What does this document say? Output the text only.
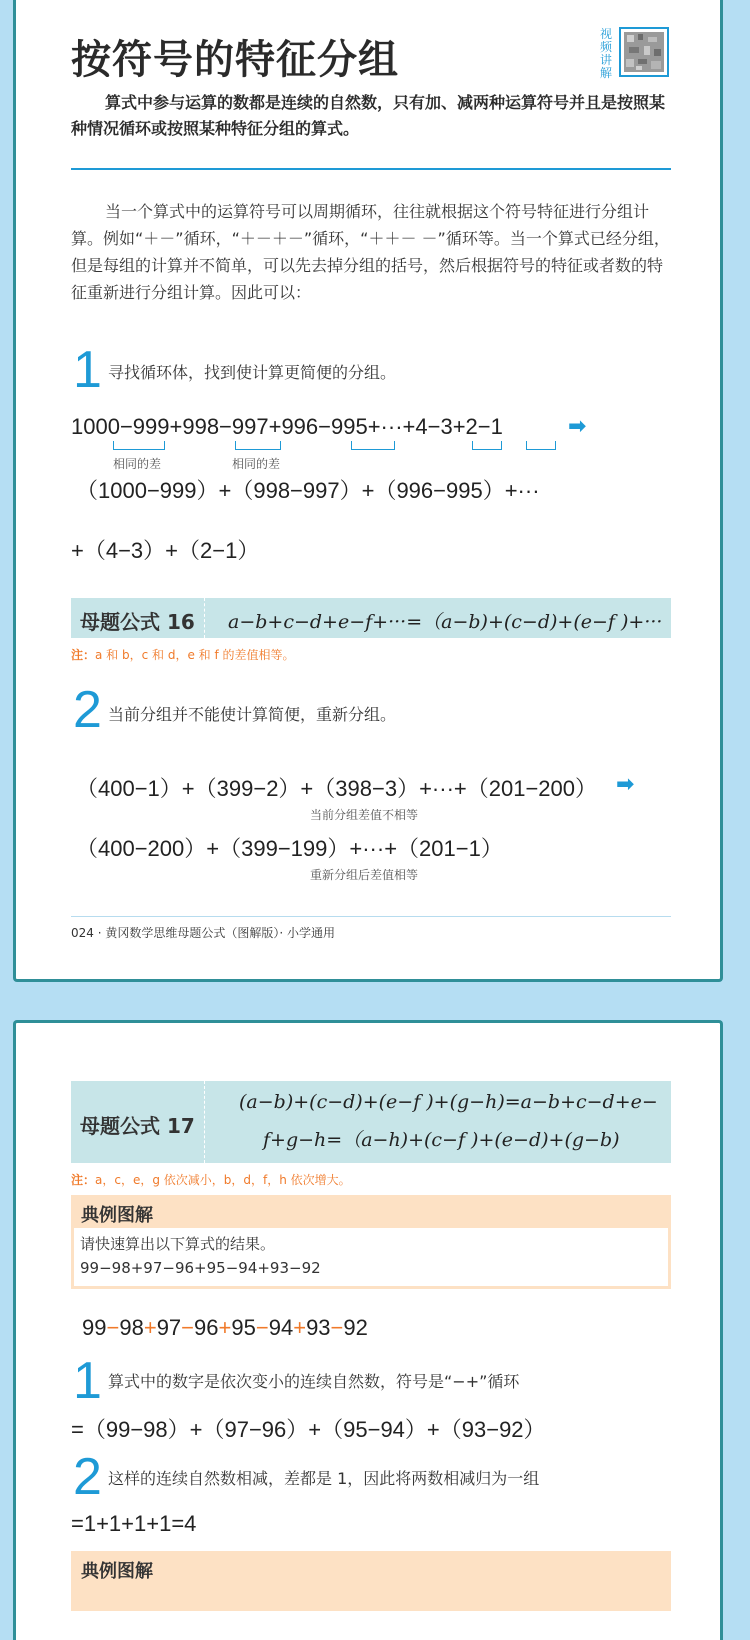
按符号的特征分组
视频讲解
算式中参与运算的数都是连续的自然数，只有加、减两种运算符号并且是按照某种情况循环或按照某种特征分组的算式。
当一个算式中的运算符号可以周期循环，往往就根据这个符号特征进行分组计算。例如“＋－”循环，“＋－＋－”循环，“＋＋－ －”循环等。当一个算式已经分组，但是每组的计算并不简单，可以先去掉分组的括号，然后根据符号的特征或者数的特征重新进行分组计算。因此可以：
1 寻找循环体，找到使计算更简便的分组。
1000−999+998−997+996−995+···+4−3+2−1	➡
相同的差	相同的差
（1000−999）+（998−997）+（996−995）+···
+（4−3）+（2−1）
母题公式 16 a−b+c−d+e−f+···=（a−b)+(c−d)+(e−f )+···
注：a 和 b，c 和 d，e 和 f 的差值相等。
2 当前分组并不能使计算简便，重新分组。
（400−1）+（399−2）+（398−3）+···+（201−200） ➡
当前分组差值不相等
（400−200）+（399−199）+···+（201−1）
重新分组后差值相等
024 · 黄冈数学思维母题公式（图解版）· 小学通用
母题公式 17
(a−b)+(c−d)+(e−f )+(g−h)=a−b+c−d+e−
f+g−h=（a−h)+(c−f )+(e−d)+(g−b)
注：a，c，e，g 依次减小，b，d，f，h 依次增大。
典例图解
请快速算出以下算式的结果。
99−98+97−96+95−94+93−92
99−98+97−96+95−94+93−92
1 算式中的数字是依次变小的连续自然数，符号是“−+”循环
=（99−98）+（97−96）+（95−94）+（93−92）
2 这样的连续自然数相减，差都是 1，因此将两数相减归为一组
=1+1+1+1=4
典例图解
